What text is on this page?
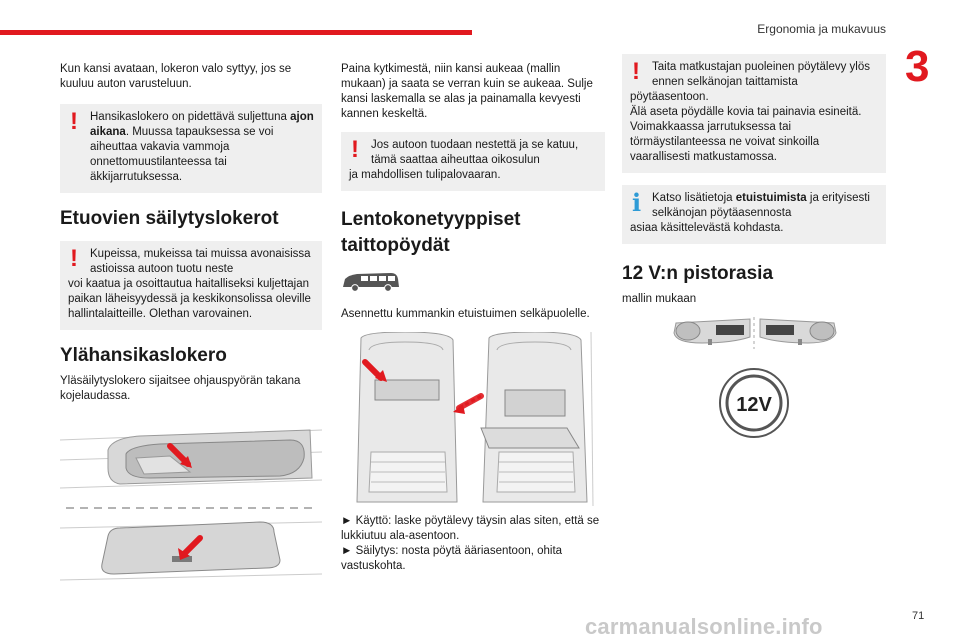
Ergonomia ja mukavuus
3

Kun kansi avataan, lokeron valo syttyy, jos se kuuluu auton varusteluun.

!	Hansikaslokero on pidettävä suljettuna ajon aikana. Muussa tapauksessa se voi aiheuttaa vakavia vammoja onnettomuustilanteessa tai äkkijarrutuksessa.
Etuovien säilytyslokerot
!	Kupeissa, mukeissa tai muissa avonaisissa astioissa autoon tuotu neste
voi kaatua ja osoittautua haitalliseksi kuljettajan paikan läheisyydessä ja keskikonsolissa oleville hallintalaitteille. Olethan varovainen.
Ylähansikaslokero

Yläsäilytyslokero sijaitsee ohjauspyörän takana kojelaudassa.

Paina kytkimestä, niin kansi aukeaa (mallin mukaan) ja saata se verran kuin se aukeaa. Sulje kansi laskemalla se alas ja painamalla kevyesti kannen keskeltä.

!	Jos autoon tuodaan nestettä ja se katuu, tämä saattaa aiheuttaa oikosulun
ja mahdollisen tulipalovaaran.
Lentokonetyyppiset
taittopöydät

Asennettu kummankin etuistuimen selkäpuolelle.

► Käyttö: laske pöytälevy täysin alas siten, että se lukkiutuu ala-asentoon.

► Säilytys: nosta pöytä ääriasentoon, ohita vastuskohta.

!	Taita matkustajan puoleinen pöytälevy ylös ennen selkänojan taittamista
pöytäasentoon.
Älä aseta pöydälle kovia tai painavia esineitä. Voimakkaassa jarrutuksessa tai törmäystilanteessa ne voivat sinkoilla vaarallisesti matkustamossa.
i Katso lisätietoja etuistuimista ja erityisesti selkänojan pöytäasennosta
asiaa käsittelevästä kohdasta.
12 V:n pistorasia

mallin mukaan

12V
carmanualsonline.info	71
